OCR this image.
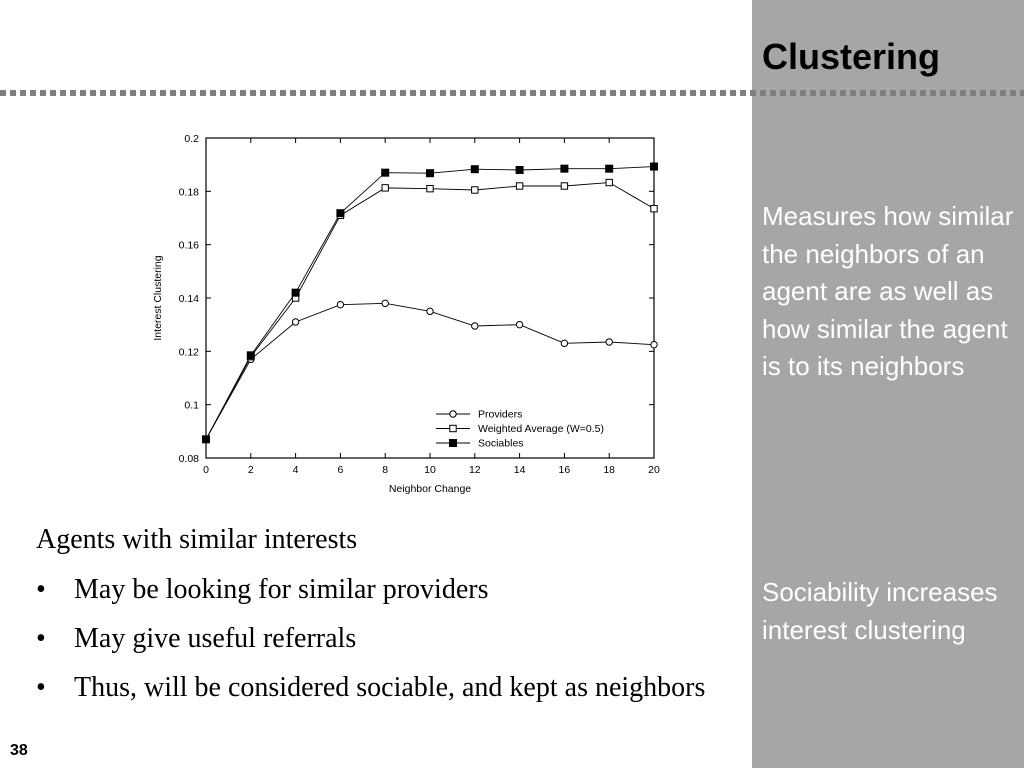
Clustering

Measures how similar the neighbors of an agent are as well as how similar the agent is to its neighbors

Sociability increases interest clustering

0	2	4	6	8	10	12	14	16	18	20
0.08
0.1
0.12
0.14
0.16
0.18
0.2
Neighbor Change
Interest Clustering
Providers
Weighted Average (W=0.5)
Sociables

Agents with similar interests

• May be looking for similar providers
• May give useful referrals
• Thus, will be considered sociable, and kept as neighbors
38
